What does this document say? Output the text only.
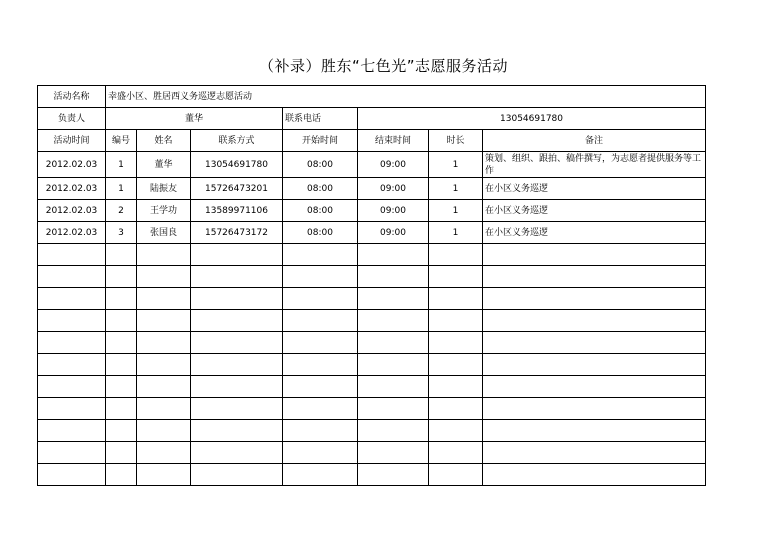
（补录）胜东“七色光”志愿服务活动
活动名称	幸盛小区、胜居西义务巡逻志愿活动						
负责人	董华			联系电话	13054691780		
活动时间	编号	姓名	联系方式	开始时间	结束时间	时长	备注
2012.02.03	1	董华	13054691780	08:00	09:00	1	策划、组织、跟拍、稿件撰写，为志愿者提供服务等工作
2012.02.03	1	陆振友	15726473201	08:00	09:00	1	在小区义务巡逻
2012.02.03	2	王学功	13589971106	08:00	09:00	1	在小区义务巡逻
2012.02.03	3	张国良	15726473172	08:00	09:00	1	在小区义务巡逻
